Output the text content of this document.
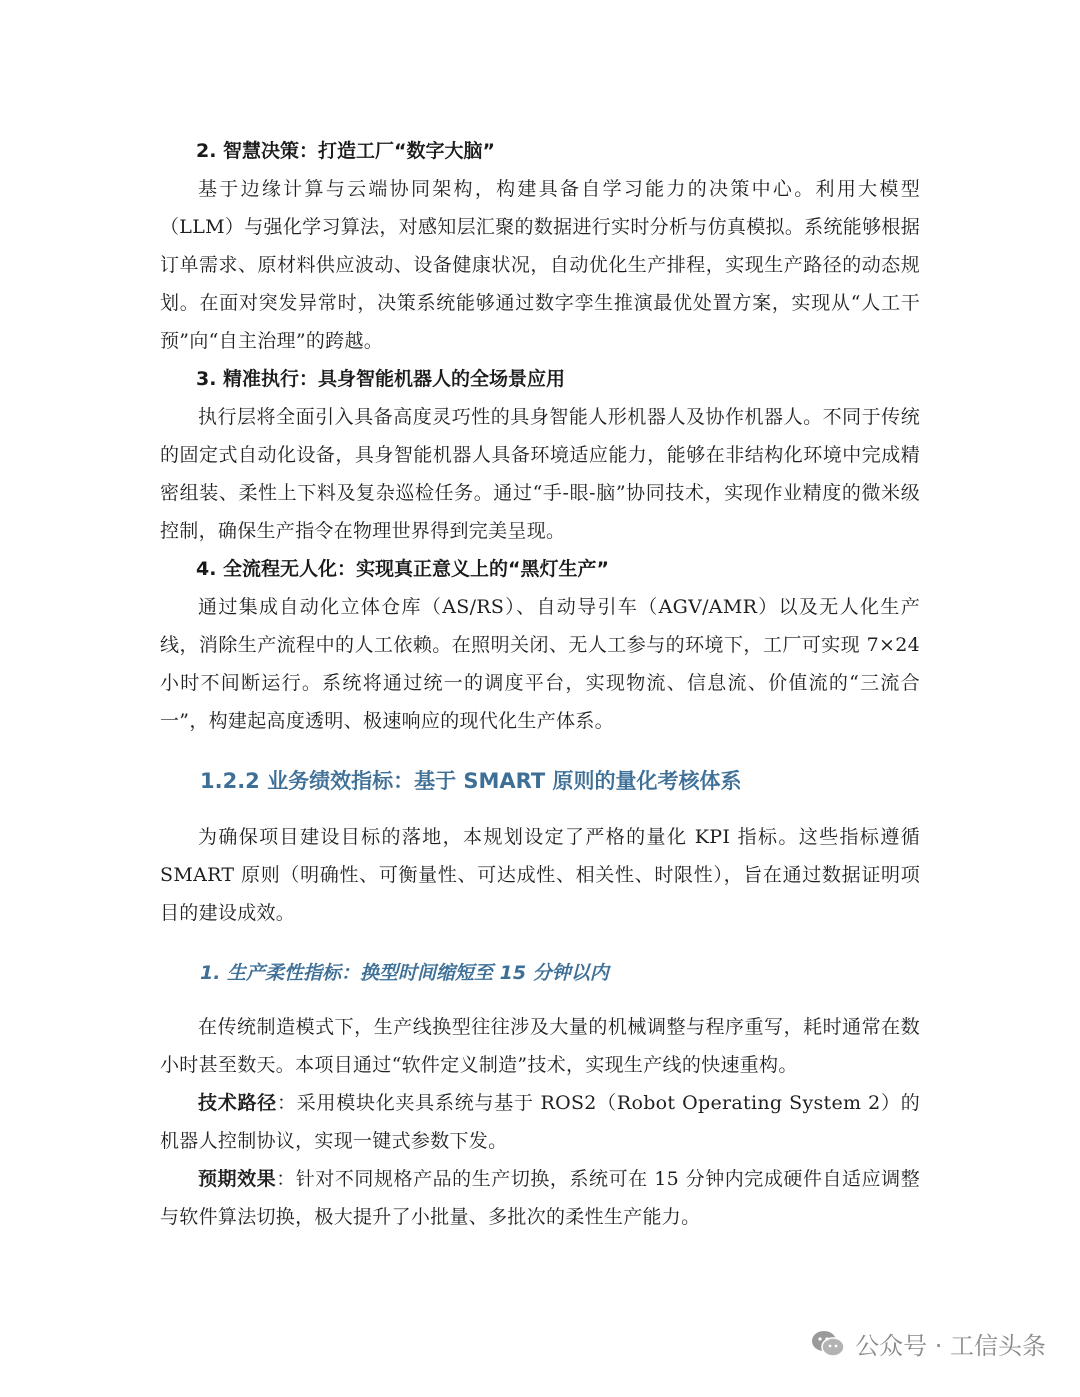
2. 智慧决策：打造工厂“数字大脑”

基于边缘计算与云端协同架构，构建具备自学习能力的决策中心。利用大模型（LLM）与强化学习算法，对感知层汇聚的数据进行实时分析与仿真模拟。系统能够根据订单需求、原材料供应波动、设备健康状况，自动优化生产排程，实现生产路径的动态规划。在面对突发异常时，决策系统能够通过数字孪生推演最优处置方案，实现从“人工干预”向“自主治理”的跨越。

3. 精准执行：具身智能机器人的全场景应用

执行层将全面引入具备高度灵巧性的具身智能人形机器人及协作机器人。不同于传统的固定式自动化设备，具身智能机器人具备环境适应能力，能够在非结构化环境中完成精密组装、柔性上下料及复杂巡检任务。通过“手-眼-脑”协同技术，实现作业精度的微米级控制，确保生产指令在物理世界得到完美呈现。

4. 全流程无人化：实现真正意义上的“黑灯生产”

通过集成自动化立体仓库（AS/RS）、自动导引车（AGV/AMR）以及无人化生产线，消除生产流程中的人工依赖。在照明关闭、无人工参与的环境下，工厂可实现 7×24 小时不间断运行。系统将通过统一的调度平台，实现物流、信息流、价值流的“三流合一”，构建起高度透明、极速响应的现代化生产体系。

1.2.2 业务绩效指标：基于 SMART 原则的量化考核体系

为确保项目建设目标的落地，本规划设定了严格的量化 KPI 指标。这些指标遵循 SMART 原则（明确性、可衡量性、可达成性、相关性、时限性），旨在通过数据证明项目的建设成效。

1. 生产柔性指标：换型时间缩短至 15 分钟以内

在传统制造模式下，生产线换型往往涉及大量的机械调整与程序重写，耗时通常在数小时甚至数天。本项目通过“软件定义制造”技术，实现生产线的快速重构。

技术路径：采用模块化夹具系统与基于 ROS2（Robot Operating System 2）的机器人控制协议，实现一键式参数下发。

预期效果：针对不同规格产品的生产切换，系统可在 15 分钟内完成硬件自适应调整与软件算法切换，极大提升了小批量、多批次的柔性生产能力。

公众号 · 工信头条
